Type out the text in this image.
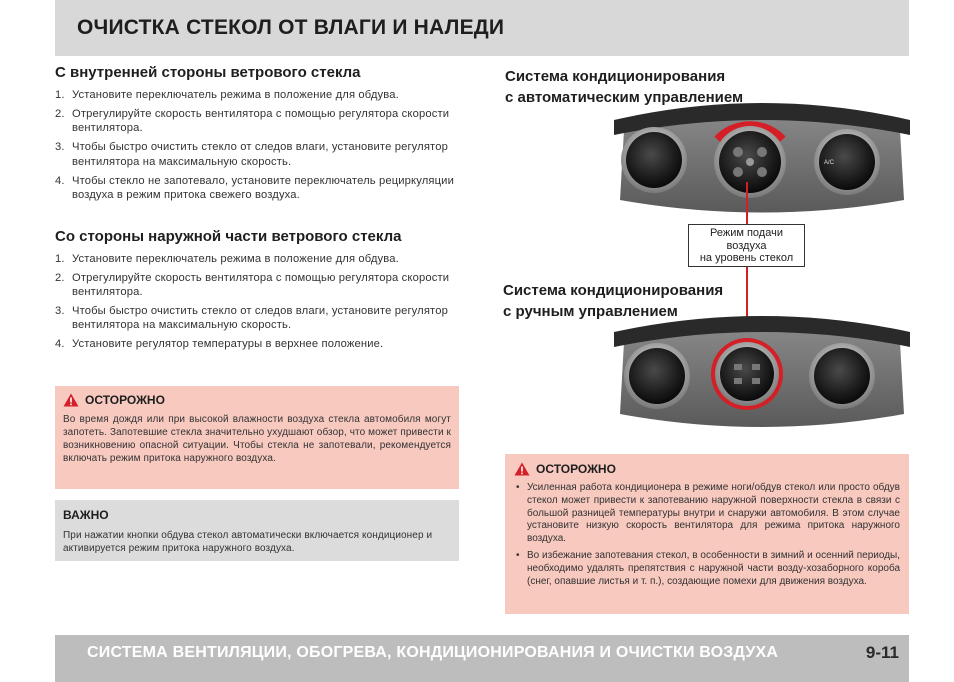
ОЧИСТКА СТЕКОЛ ОТ ВЛАГИ И НАЛЕДИ
С внутренней стороны ветрового стекла
1. Установите переключатель режима в положение для обдува.
2. Отрегулируйте скорость вентилятора с помощью регулятора скорости вентилятора.
3. Чтобы быстро очистить стекло от следов влаги, установите регулятор вентилятора на максимальную скорость.
4. Чтобы стекло не запотевало, установите переключатель рециркуляции воздуха в режим притока свежего воздуха.
Со стороны наружной части ветрового стекла
1. Установите переключатель режима в положение для обдува.
2. Отрегулируйте скорость вентилятора с помощью регулятора скорости вентилятора.
3. Чтобы быстро очистить стекло от следов влаги, установите регулятор вентилятора на максимальную скорость.
4. Установите регулятор температуры в верхнее положение.
ОСТОРОЖНО
Во время дождя или при высокой влажности воздуха стекла автомобиля могут запотеть. Запотевшие стекла значительно ухудшают обзор, что может привести к возникновению опасной ситуации. Чтобы стекла не запотевали, рекомендуется включать режим притока наружного воздуха.
ВАЖНО
При нажатии кнопки обдува стекол автоматически включается кондиционер и активируется режим притока наружного воздуха.
Система кондиционирования
с автоматическим управлением
A/C
Режим подачи
воздуха
на уровень стекол
Система кондиционирования
с ручным управлением
ОСТОРОЖНО
• Усиленная работа кондиционера в режиме ноги/обдув стекол или просто обдув стекол может привести к запотеванию наружной поверхности стекла в связи с большой разницей температуры внутри и снаружи автомобиля. В этом случае установите низкую скорость вентилятора для режима притока наружного воздуха.
• Во избежание запотевания стекол, в особенности в зимний и осенний периоды, необходимо удалять препятствия с наружной части возду-хозаборного короба (снег, опавшие листья и т. п.), создающие помехи для движения воздуха.
СИСТЕМА ВЕНТИЛЯЦИИ, ОБОГРЕВА, КОНДИЦИОНИРОВАНИЯ И ОЧИСТКИ ВОЗДУХА	9-11
